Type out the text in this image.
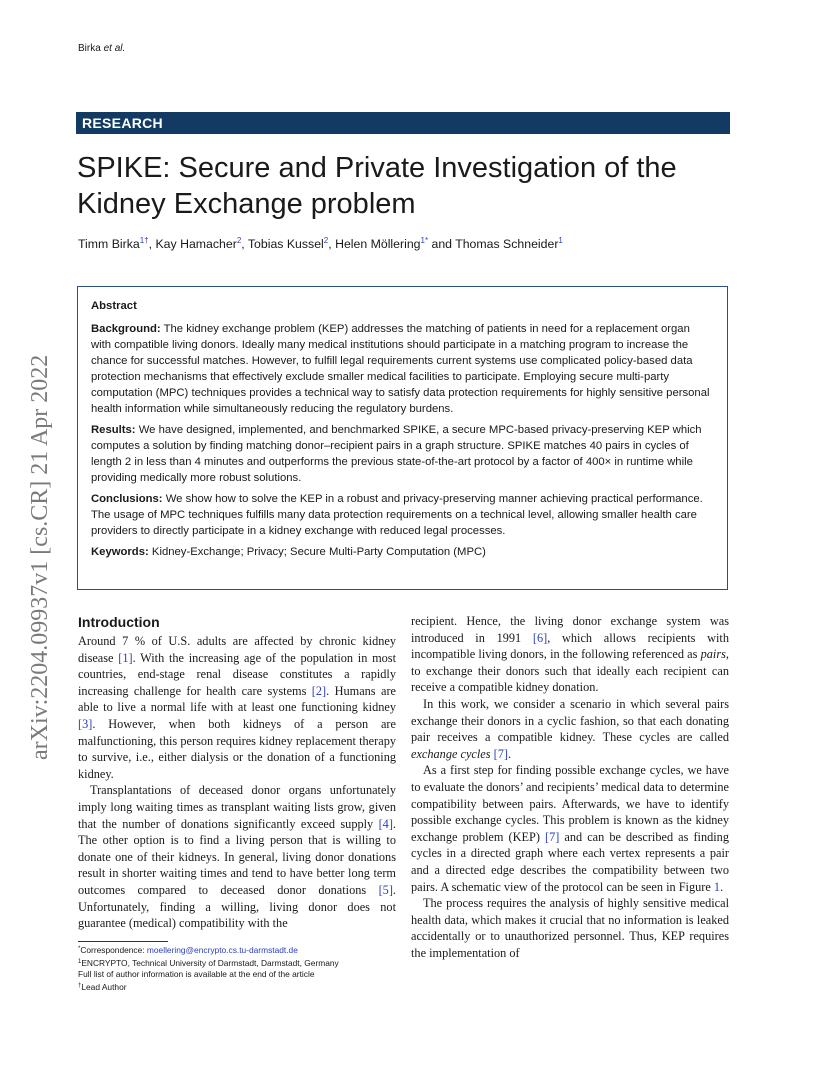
Birka et al.
RESEARCH
SPIKE: Secure and Private Investigation of the Kidney Exchange problem
Timm Birka$^{1\dagger}$, Kay Hamacher$^2$, Tobias Kussel$^2$, Helen Möllering$^{1*}$ and Thomas Schneider$^1$
arXiv:2204.09937v1 [cs.CR] 21 Apr 2022
Abstract

Background: The kidney exchange problem (KEP) addresses the matching of patients in need for a replacement organ with compatible living donors. Ideally many medical institutions should participate in a matching program to increase the chance for successful matches. However, to fulfill legal requirements current systems use complicated policy-based data protection mechanisms that effectively exclude smaller medical facilities to participate. Employing secure multi-party computation (MPC) techniques provides a technical way to satisfy data protection requirements for highly sensitive personal health information while simultaneously reducing the regulatory burdens.

Results: We have designed, implemented, and benchmarked SPIKE, a secure MPC-based privacy-preserving KEP which computes a solution by finding matching donor–recipient pairs in a graph structure. SPIKE matches 40 pairs in cycles of length 2 in less than 4 minutes and outperforms the previous state-of-the-art protocol by a factor of 400× in runtime while providing medically more robust solutions.

Conclusions: We show how to solve the KEP in a robust and privacy-preserving manner achieving practical performance. The usage of MPC techniques fulfills many data protection requirements on a technical level, allowing smaller health care providers to directly participate in a kidney exchange with reduced legal processes.

Keywords: Kidney-Exchange; Privacy; Secure Multi-Party Computation (MPC)

Introduction

Around 7 % of U.S. adults are affected by chronic kidney disease [1]. With the increasing age of the population in most countries, end-stage renal disease constitutes a rapidly increasing challenge for health care systems [2]. Humans are able to live a normal life with at least one functioning kidney [3]. However, when both kidneys of a person are malfunctioning, this person requires kidney replacement therapy to survive, i.e., either dialysis or the donation of a functioning kidney.

Transplantations of deceased donor organs unfortunately imply long waiting times as transplant waiting lists grow, given that the number of donations significantly exceed supply [4]. The other option is to find a living person that is willing to donate one of their kidneys. In general, living donor donations result in shorter waiting times and tend to have better long term outcomes compared to deceased donor donations [5]. Unfortunately, finding a willing, living donor does not guarantee (medical) compatibility with the

recipient. Hence, the living donor exchange system was introduced in 1991 [6], which allows recipients with incompatible living donors, in the following referenced as pairs, to exchange their donors such that ideally each recipient can receive a compatible kidney donation.

In this work, we consider a scenario in which several pairs exchange their donors in a cyclic fashion, so that each donating pair receives a compatible kidney. These cycles are called exchange cycles [7].

As a first step for finding possible exchange cycles, we have to evaluate the donors’ and recipients’ medical data to determine compatibility between pairs. Afterwards, we have to identify possible exchange cycles. This problem is known as the kidney exchange problem (KEP) [7] and can be described as finding cycles in a directed graph where each vertex represents a pair and a directed edge describes the compatibility between two pairs. A schematic view of the protocol can be seen in Figure 1.

The process requires the analysis of highly sensitive medical health data, which makes it crucial that no information is leaked accidentally or to unauthorized personnel. Thus, KEP requires the implementation of

*Correspondence: moellering@encrypto.cs.tu-darmstadt.de
$^1$ENCRYPTO, Technical University of Darmstadt, Darmstadt, Germany
Full list of author information is available at the end of the article
†Lead Author
